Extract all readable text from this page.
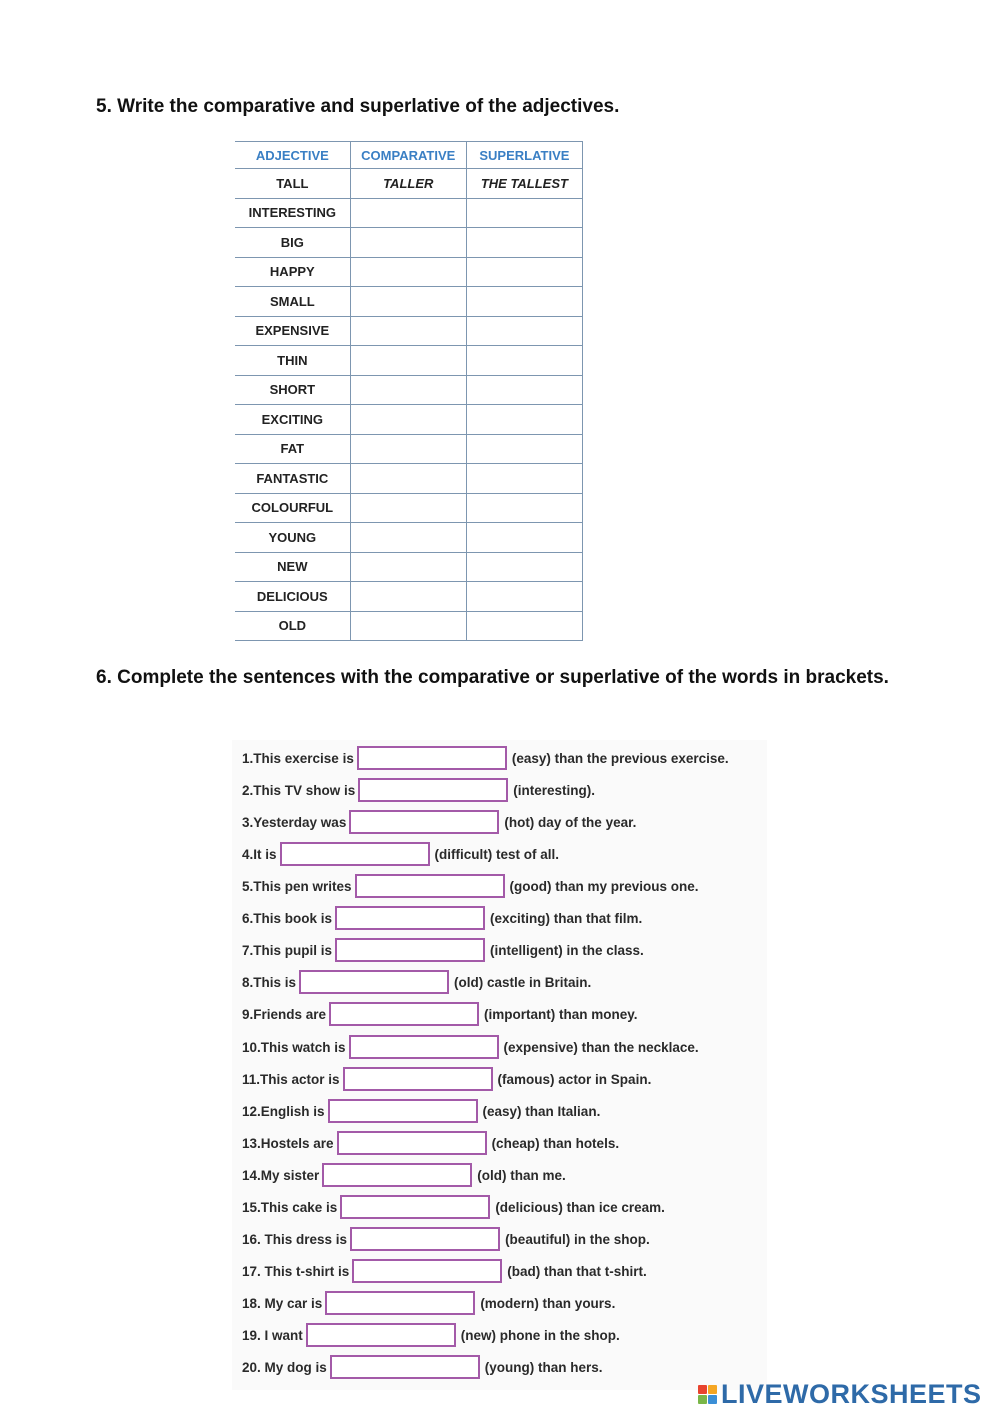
5. Write the comparative and superlative of the adjectives.
ADJECTIVE	COMPARATIVE	SUPERLATIVE
TALL	TALLER	THE TALLEST
INTERESTING		
BIG		
HAPPY		
SMALL		
EXPENSIVE		
THIN		
SHORT		
EXCITING		
FAT		
FANTASTIC		
COLOURFUL		
YOUNG		
NEW		
DELICIOUS		
OLD		
6. Complete the sentences with the comparative or superlative of the words in brackets.
1.This exercise is	(easy) than the previous exercise.
2.This TV show is	(interesting).
3.Yesterday was	(hot) day of the year.
4.It is	(difficult) test of all.
5.This pen writes	(good) than my previous one.
6.This book is	(exciting) than that film.
7.This pupil is	(intelligent) in the class.
8.This is	(old) castle in Britain.
9.Friends are	(important) than money.
10.This watch is	(expensive) than the necklace.
11.This actor is	(famous) actor in Spain.
12.English is	(easy) than Italian.
13.Hostels are	(cheap) than hotels.
14.My sister	(old) than me.
15.This cake is	(delicious) than ice cream.
16. This dress is	(beautiful) in the shop.
17. This t-shirt is	(bad) than that t-shirt.
18. My car is	(modern) than yours.
19. I want	(new) phone in the shop.
20. My dog is	(young) than hers.
LIVEWORKSHEETS
